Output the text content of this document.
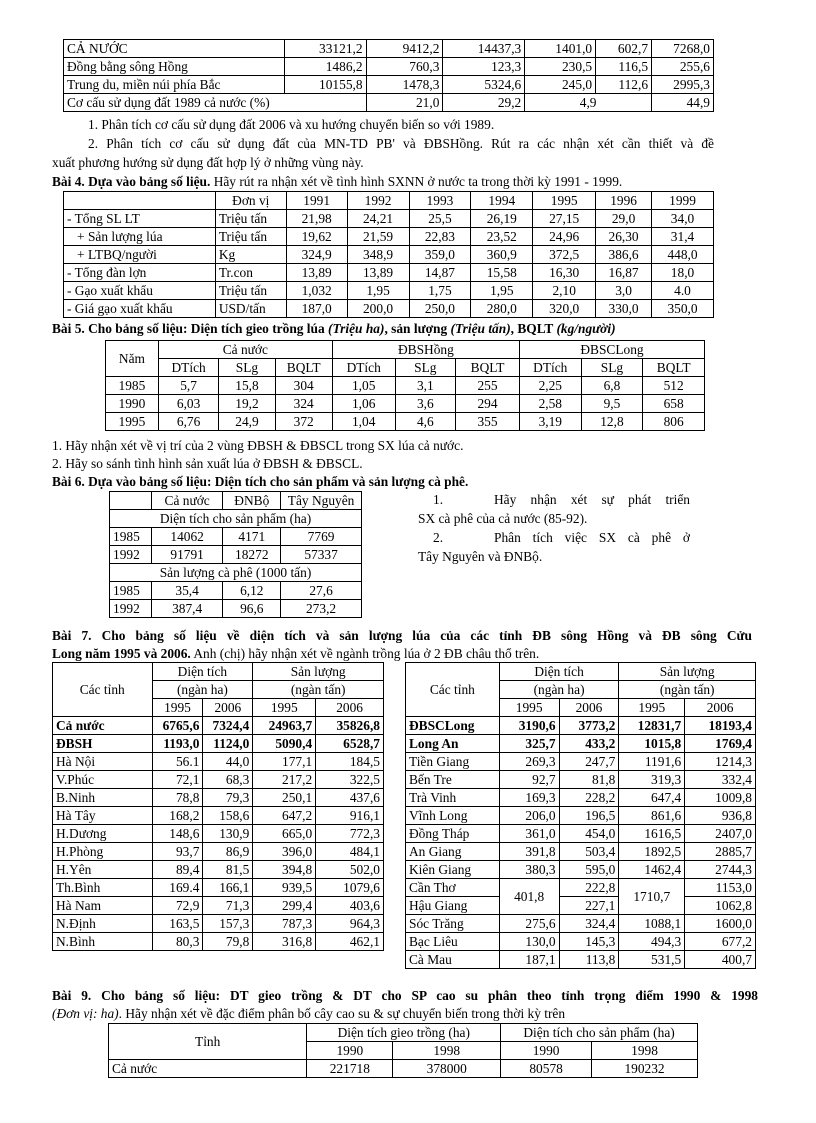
CẢ NƯỚC	33121,2	9412,2	14437,3	1401,0	602,7	7268,0
Đồng bằng sông Hồng	1486,2	760,3	123,3	230,5	116,5	255,6
Trung du, miền núi phía Bắc	10155,8	1478,3	5324,6	245,0	112,6	2995,3
Cơ cấu sử dụng đất 1989 cả nước (%)		21,0	29,2	4,9		44,9
1. Phân tích cơ cấu sử dụng đất 2006 và xu hướng chuyển biến so với 1989.
2. Phân tích cơ cấu sử dụng đất của MN-TD PB' và ĐBSHồng. Rút ra các nhận xét cần thiết và đề
xuất phương hướng sử dụng đất hợp lý ở những vùng này.
Bài 4. Dựa vào bảng số liệu. Hãy rút ra nhận xét về tình hình SXNN ở nước ta trong thời kỳ 1991 - 1999.
	Đơn vị	1991	1992	1993	1994	1995	1996	1999
- Tổng SL LT	Triệu tấn	21,98	24,21	25,5	26,19	27,15	29,0	34,0
+ Sản lượng lúa	Triệu tấn	19,62	21,59	22,83	23,52	24,96	26,30	31,4
+ LTBQ/người	Kg	324,9	348,9	359,0	360,9	372,5	386,6	448,0
- Tổng đàn lợn	Tr.con	13,89	13,89	14,87	15,58	16,30	16,87	18,0
- Gạo xuất khẩu	Triệu tấn	1,032	1,95	1,75	1,95	2,10	3,0	4.0
- Giá gạo xuất khẩu	USD/tấn	187,0	200,0	250,0	280,0	320,0	330,0	350,0
Bài 5. Cho bảng số liệu: Diện tích gieo trồng lúa (Triệu ha), sản lượng (Triệu tấn), BQLT (kg/người)
Năm	Cả nước			ĐBSHồng			ĐBSCLong		
	DTích	SLg	BQLT	DTích	SLg	BQLT	DTích	SLg	BQLT
1985	5,7	15,8	304	1,05	3,1	255	2,25	6,8	512
1990	6,03	19,2	324	1,06	3,6	294	2,58	9,5	658
1995	6,76	24,9	372	1,04	4,6	355	3,19	12,8	806
1. Hãy nhận xét về vị trí của 2 vùng ĐBSH & ĐBSCL trong SX lúa cả nước.
2. Hãy so sánh tình hình sản xuất lúa ở ĐBSH & ĐBSCL.
Bài 6. Dựa vào bảng số liệu: Diện tích cho sản phẩm và sản lượng cà phê.
	Cả nước	ĐNBộ	Tây Nguyên
Diện tích cho sản phẩm (ha)			
1985	14062	4171	7769
1992	91791	18272	57337
Sản lượng cà phê (1000 tấn)			
1985	35,4	6,12	27,6
1992	387,4	96,6	273,2
1.	Hãy nhận xét sự phát triển
SX cà phê của cả nước (85-92).
2.	Phân tích việc SX cà phê ở
Tây Nguyên và ĐNBộ.
Bài 7. Cho bảng số liệu về diện tích và sản lượng lúa của các tỉnh ĐB sông Hồng và ĐB sông Cửu
Long năm 1995 và 2006. Anh (chị) hãy nhận xét về ngành trồng lúa ở 2 ĐB châu thổ trên.
Các tỉnh	Diện tích		Sản lượng	
	(ngàn ha)		(ngàn tấn)	
	1995	2006	1995	2006
Cả nước	6765,6	7324,4	24963,7	35826,8
ĐBSH	1193,0	1124,0	5090,4	6528,7
Hà Nội	56.1	44,0	177,1	184,5
V.Phúc	72,1	68,3	217,2	322,5
B.Ninh	78,8	79,3	250,1	437,6
Hà Tây	168,2	158,6	647,2	916,1
H.Dương	148,6	130,9	665,0	772,3
H.Phòng	93,7	86,9	396,0	484,1
H.Yên	89,4	81,5	394,8	502,0
Th.Bình	169.4	166,1	939,5	1079,6
Hà Nam	72,9	71,3	299,4	403,6
N.Định	163,5	157,3	787,3	964,3
N.Bình	80,3	79,8	316,8	462,1
Các tỉnh	Diện tích		Sản lượng	
	(ngàn ha)		(ngàn tấn)	
	1995	2006	1995	2006
ĐBSCLong	3190,6	3773,2	12831,7	18193,4
Long An	325,7	433,2	1015,8	1769,4
Tiền Giang	269,3	247,7	1191,6	1214,3
Bến Tre	92,7	81,8	319,3	332,4
Trà Vinh	169,3	228,2	647,4	1009,8
Vĩnh Long	206,0	196,5	861,6	936,8
Đồng Tháp	361,0	454,0	1616,5	2407,0
An Giang	391,8	503,4	1892,5	2885,7
Kiên Giang	380,3	595,0	1462,4	2744,3
Cần Thơ	401,8	222,8	1710,7	1153,0
Hậu Giang		227,1		1062,8
Sóc Trăng	275,6	324,4	1088,1	1600,0
Bạc Liêu	130,0	145,3	494,3	677,2
Cà Mau	187,1	113,8	531,5	400,7
Bài 9. Cho bảng số liệu: DT gieo trồng & DT cho SP cao su phân theo tỉnh trọng điểm 1990 & 1998
(Đơn vị: ha). Hãy nhận xét về đặc điểm phân bố cây cao su & sự chuyển biến trong thời kỳ trên
Tỉnh	Diện tích gieo trồng (ha)		Diện tích cho sản phẩm (ha)	
	1990	1998	1990	1998
Cả nước	221718	378000	80578	190232
